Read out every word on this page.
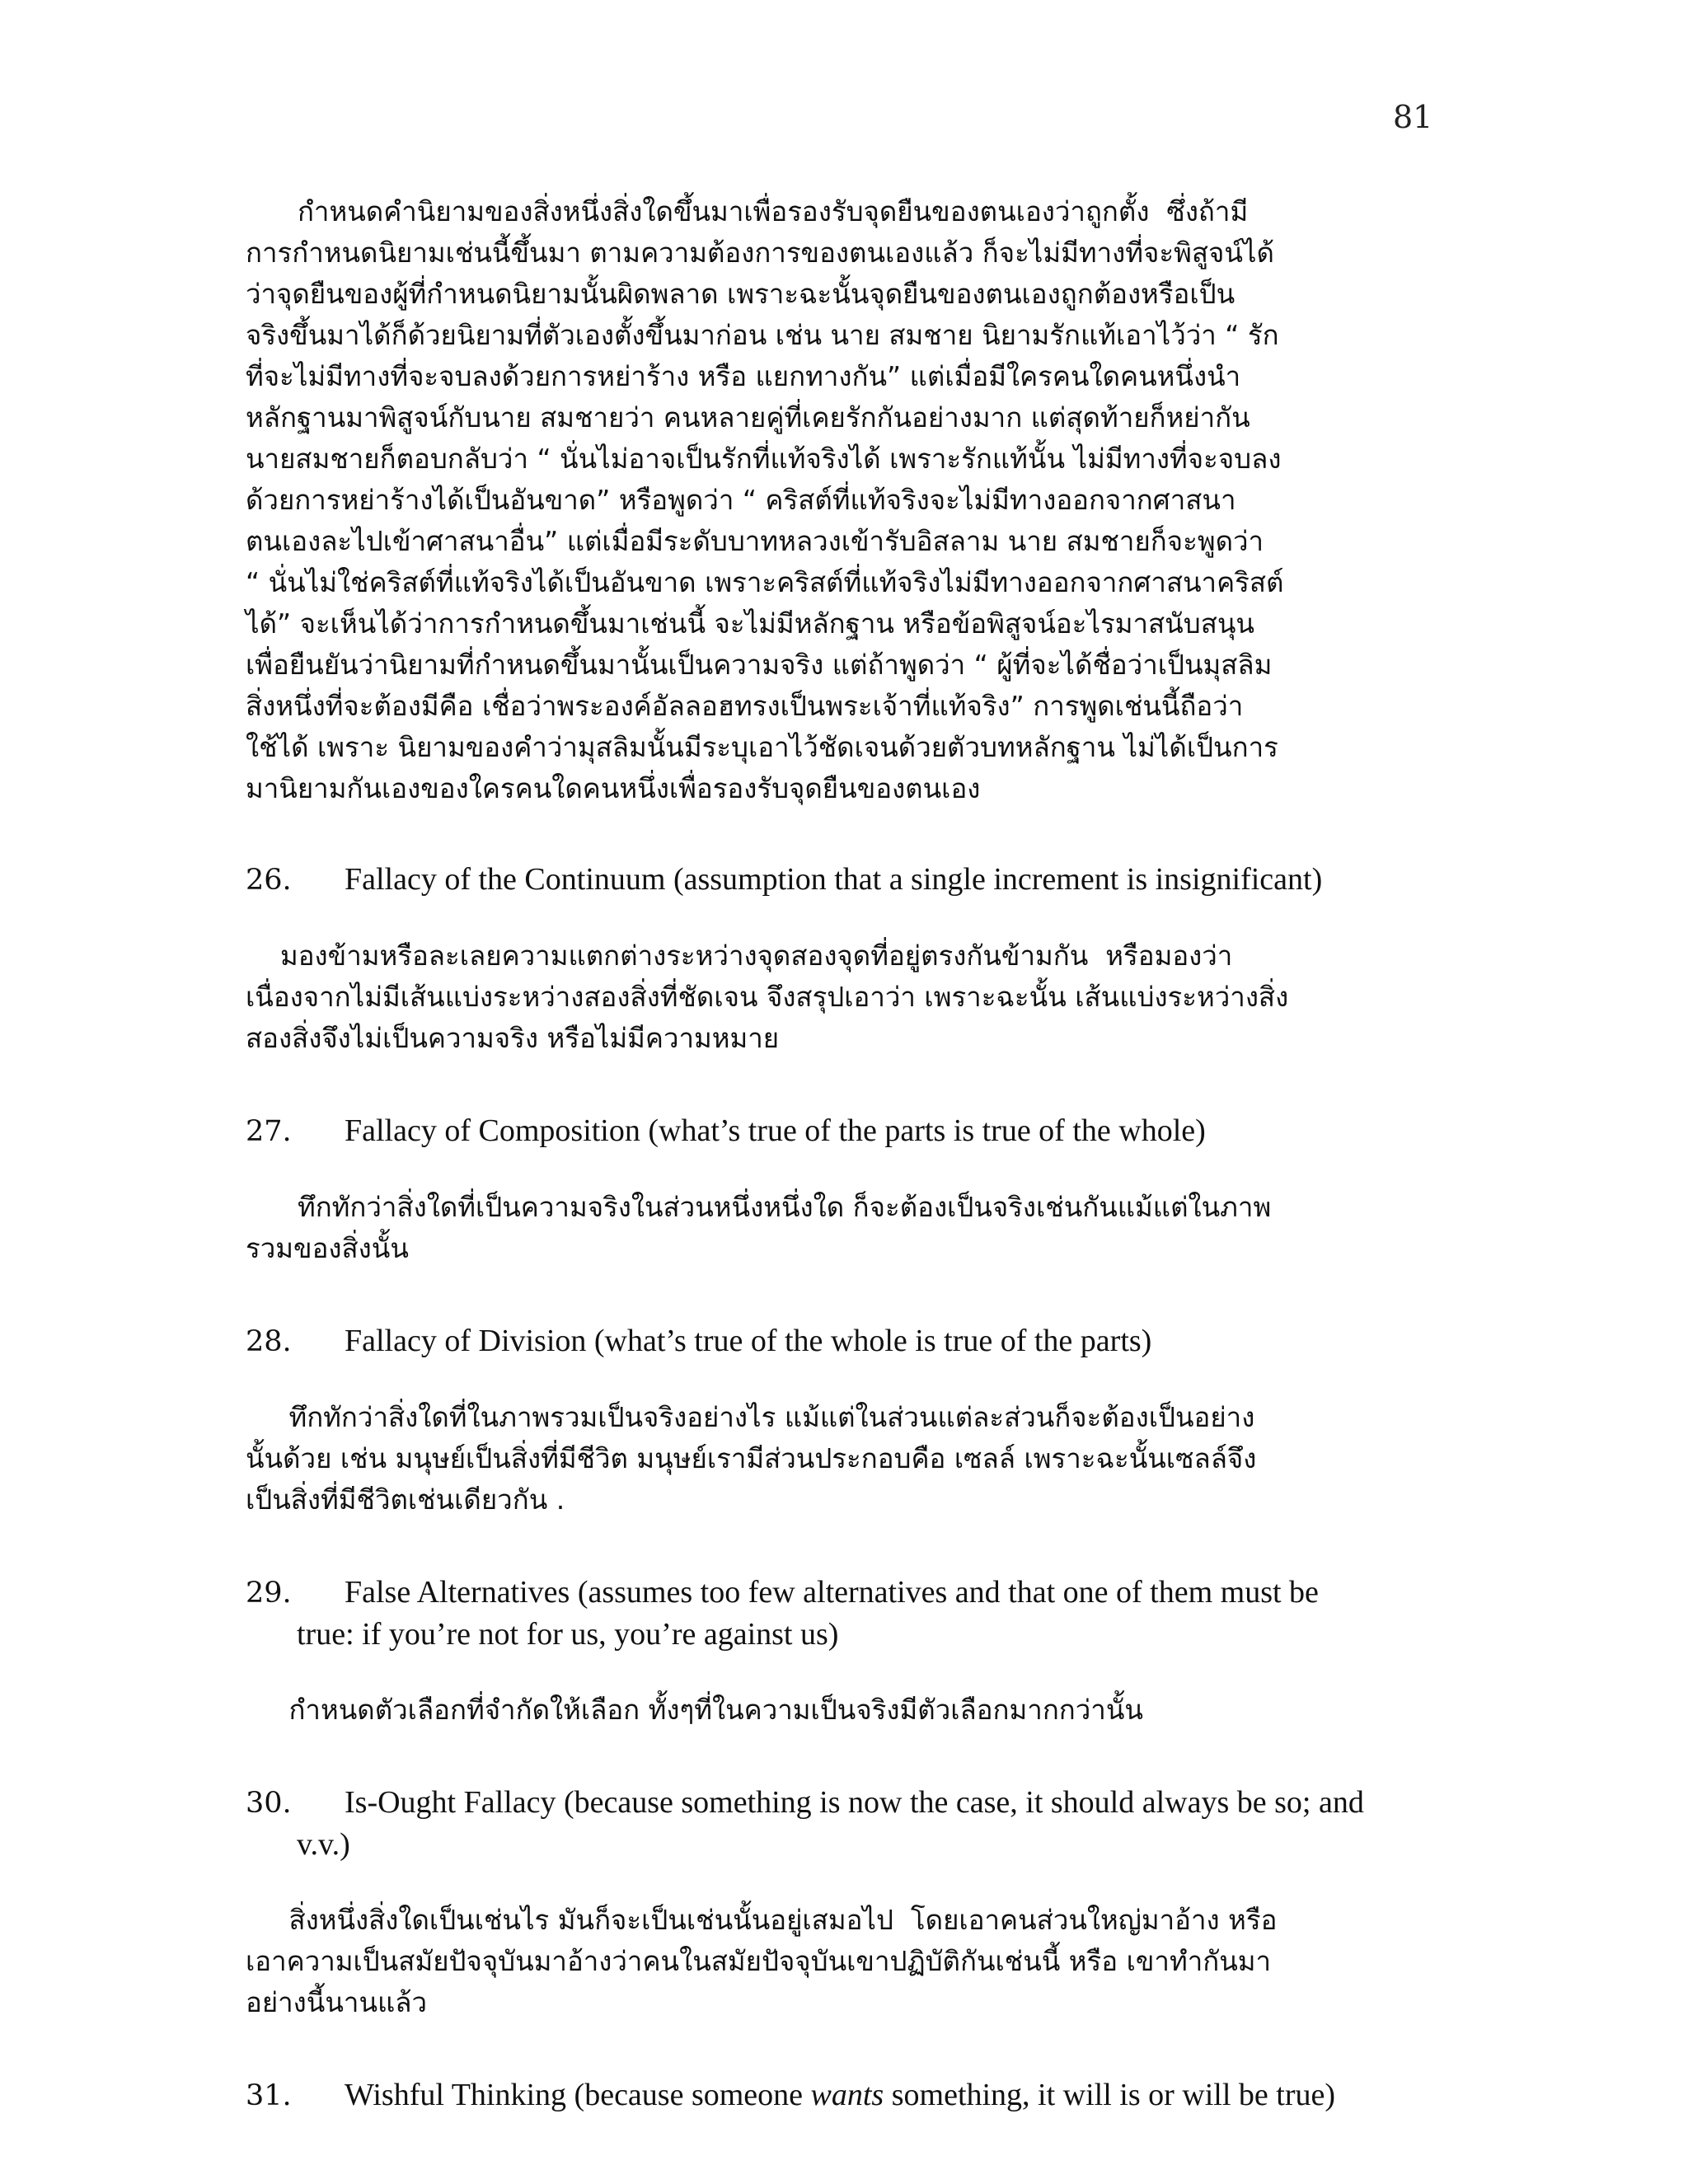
81
กำหนดคำนิยามของสิ่งหนึ่งสิ่งใดขึ้นมาเพื่อรองรับจุดยืนของตนเองว่าถูกตั้ง  ซึ่งถ้ามี
การกำหนดนิยามเช่นนี้ขึ้นมา ตามความต้องการของตนเองแล้ว ก็จะไม่มีทางที่จะพิสูจน์ได้
ว่าจุดยืนของผู้ที่กำหนดนิยามนั้นผิดพลาด เพราะฉะนั้นจุดยืนของตนเองถูกต้องหรือเป็น
จริงขึ้นมาได้ก็ด้วยนิยามที่ตัวเองตั้งขึ้นมาก่อน เช่น นาย สมชาย นิยามรักแท้เอาไว้ว่า “ รัก
ที่จะไม่มีทางที่จะจบลงด้วยการหย่าร้าง หรือ แยกทางกัน” แต่เมื่อมีใครคนใดคนหนึ่งนำ
หลักฐานมาพิสูจน์กับนาย สมชายว่า คนหลายคู่ที่เคยรักกันอย่างมาก แต่สุดท้ายก็หย่ากัน
นายสมชายก็ตอบกลับว่า “ นั่นไม่อาจเป็นรักที่แท้จริงได้ เพราะรักแท้นั้น ไม่มีทางที่จะจบลง
ด้วยการหย่าร้างได้เป็นอันขาด” หรือพูดว่า “ คริสต์ที่แท้จริงจะไม่มีทางออกจากศาสนา
ตนเองละไปเข้าศาสนาอื่น” แต่เมื่อมีระดับบาทหลวงเข้ารับอิสลาม นาย สมชายก็จะพูดว่า
“ นั่นไม่ใช่คริสต์ที่แท้จริงได้เป็นอันขาด เพราะคริสต์ที่แท้จริงไม่มีทางออกจากศาสนาคริสต์
ได้” จะเห็นได้ว่าการกำหนดขึ้นมาเช่นนี้ จะไม่มีหลักฐาน หรือข้อพิสูจน์อะไรมาสนับสนุน
เพื่อยืนยันว่านิยามที่กำหนดขึ้นมานั้นเป็นความจริง แต่ถ้าพูดว่า “ ผู้ที่จะได้ชื่อว่าเป็นมุสลิม
สิ่งหนึ่งที่จะต้องมีคือ เชื่อว่าพระองค์อัลลอฮทรงเป็นพระเจ้าที่แท้จริง” การพูดเช่นนี้ถือว่า
ใช้ได้ เพราะ นิยามของคำว่ามุสลิมนั้นมีระบุเอาไว้ชัดเจนด้วยตัวบทหลักฐาน ไม่ได้เป็นการ
มานิยามกันเองของใครคนใดคนหนึ่งเพื่อรองรับจุดยืนของตนเอง
26. Fallacy of the Continuum (assumption that a single increment is insignificant)
มองข้ามหรือละเลยความแตกต่างระหว่างจุดสองจุดที่อยู่ตรงกันข้ามกัน  หรือมองว่า
เนื่องจากไม่มีเส้นแบ่งระหว่างสองสิ่งที่ชัดเจน จึงสรุปเอาว่า เพราะฉะนั้น เส้นแบ่งระหว่างสิ่ง
สองสิ่งจึงไม่เป็นความจริง หรือไม่มีความหมาย
27. Fallacy of Composition (what’s true of the parts is true of the whole)
ทึกทักว่าสิ่งใดที่เป็นความจริงในส่วนหนึ่งหนึ่งใด ก็จะต้องเป็นจริงเช่นกันแม้แต่ในภาพ
รวมของสิ่งนั้น
28. Fallacy of Division (what’s true of the whole is true of the parts)
ทึกทักว่าสิ่งใดที่ในภาพรวมเป็นจริงอย่างไร แม้แต่ในส่วนแต่ละส่วนก็จะต้องเป็นอย่าง
นั้นด้วย เช่น มนุษย์เป็นสิ่งที่มีชีวิต มนุษย์เรามีส่วนประกอบคือ เซลล์ เพราะฉะนั้นเซลล์จึง
เป็นสิ่งที่มีชีวิตเช่นเดียวกัน .
29. False Alternatives (assumes too few alternatives and that one of them must be
true: if you’re not for us, you’re against us)
กำหนดตัวเลือกที่จำกัดให้เลือก ทั้งๆที่ในความเป็นจริงมีตัวเลือกมากกว่านั้น
30. Is-Ought Fallacy (because something is now the case, it should always be so; and
v.v.)
สิ่งหนึ่งสิ่งใดเป็นเช่นไร มันก็จะเป็นเช่นนั้นอยู่เสมอไป  โดยเอาคนส่วนใหญ่มาอ้าง หรือ
เอาความเป็นสมัยปัจจุบันมาอ้างว่าคนในสมัยปัจจุบันเขาปฏิบัติกันเช่นนี้ หรือ เขาทำกันมา
อย่างนี้นานแล้ว
31. Wishful Thinking (because someone wants something, it will is or will be true)
